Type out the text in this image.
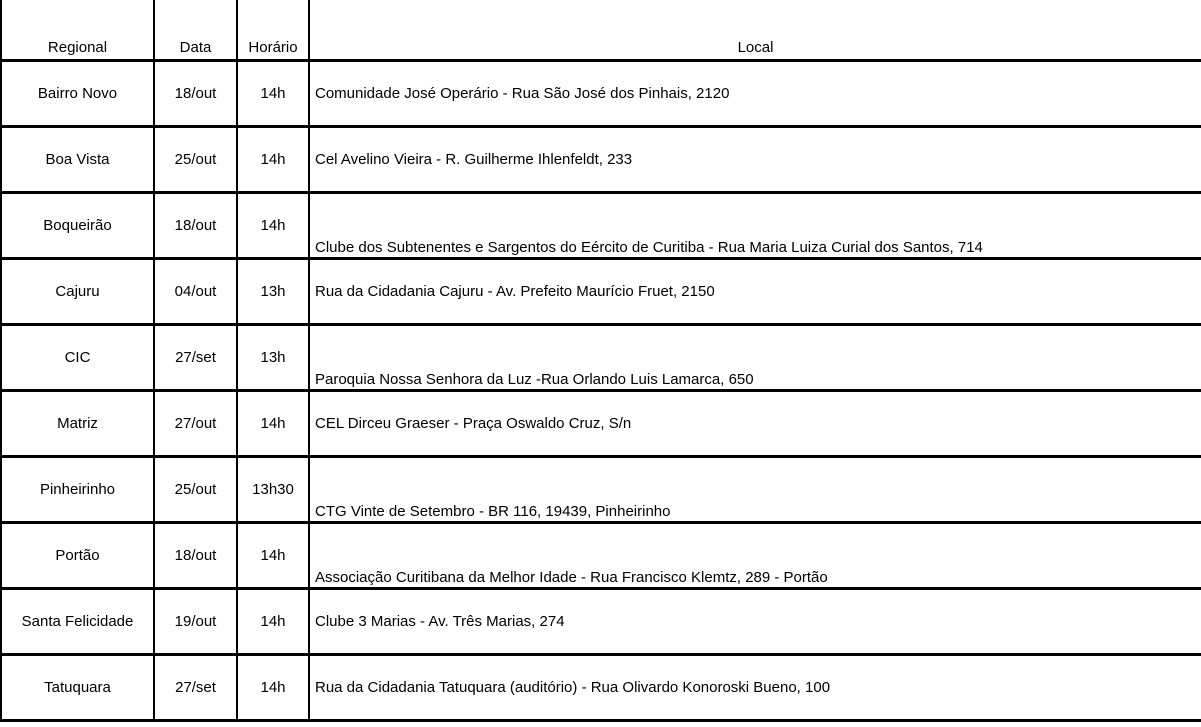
Regional	Data	Horário	Local
Bairro Novo	18/out	14h	Comunidade José Operário - Rua São José dos Pinhais, 2120
Boa Vista	25/out	14h	Cel Avelino Vieira - R. Guilherme Ihlenfeldt, 233
Boqueirão	18/out	14h	Clube dos Subtenentes e Sargentos do Eército de Curitiba - Rua Maria Luiza Curial dos Santos, 714
Cajuru	04/out	13h	Rua da Cidadania Cajuru - Av. Prefeito Maurício Fruet, 2150
CIC	27/set	13h	Paroquia Nossa Senhora da Luz -Rua Orlando Luis Lamarca, 650
Matriz	27/out	14h	CEL Dirceu Graeser - Praça Oswaldo Cruz, S/n
Pinheirinho	25/out	13h30	CTG Vinte de Setembro - BR 116, 19439, Pinheirinho
Portão	18/out	14h	Associação Curitibana da Melhor Idade - Rua Francisco Klemtz, 289 - Portão
Santa Felicidade	19/out	14h	Clube 3 Marias - Av. Três Marias, 274
Tatuquara	27/set	14h	Rua da Cidadania Tatuquara (auditório) - Rua Olivardo Konoroski Bueno, 100
